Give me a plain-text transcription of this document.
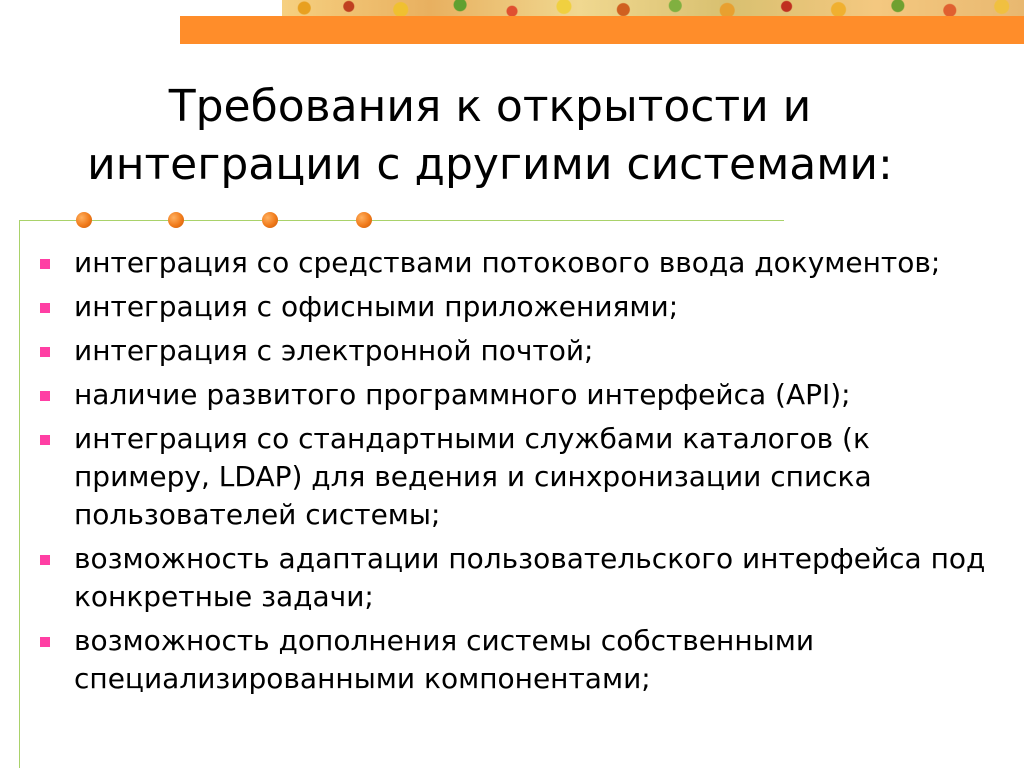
Требования к открытости и
интеграции с другими системами:
интеграция со средствами потокового ввода документов;
интеграция с офисными приложениями;
интеграция с электронной почтой;
наличие развитого программного интерфейса (API);
интеграция со стандартными службами каталогов (к примеру, LDAP) для ведения и синхронизации списка пользователей системы;
возможность адаптации пользовательского интерфейса под конкретные задачи;
возможность дополнения системы собственными специализированными компонентами;
